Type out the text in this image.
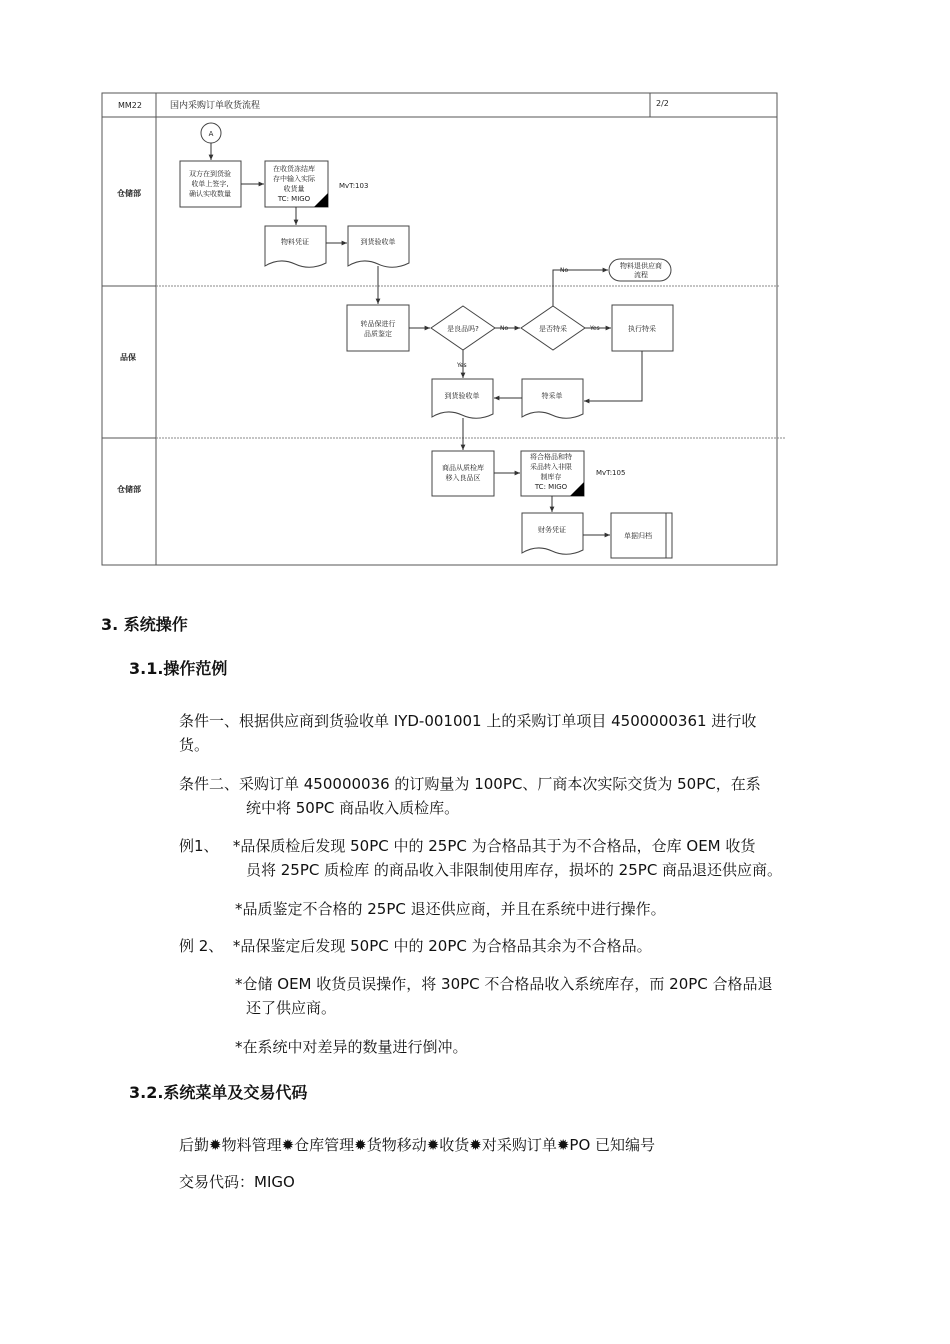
MM22	国内采购订单收货流程	2/2
仓储部
品保
仓储部
A
双方在到货验
收单上签字,
确认实收数量
在收货冻结库
存中输入实际
收货量
TC: MIGO
物料凭证	到货验收单
物料退供应商
流程
转品保进行
品质鉴定
是良品吗?	是否特采	执行特采
到货验收单	特采单
商品从质检库
移入良品区
将合格品和特
采品转入非限
制库存
TC: MIGO
财务凭证
单据归档
No	Yes
No
Yes
MvT:103
MvT:105
3. 系统操作
3.1.操作范例
条件一、根据供应商到货验收单 IYD-001001 上的采购订单项目 4500000361 进行收
货。
条件二、采购订单 450000036 的订购量为 100PC、厂商本次实际交货为 50PC，在系
统中将 50PC 商品收入质检库。
例1、   *品保质检后发现 50PC 中的 25PC 为合格品其于为不合格品，仓库 OEM 收货
员将 25PC 质检库 的商品收入非限制使用库存，损坏的 25PC 商品退还供应商。
*品质鉴定不合格的 25PC 退还供应商，并且在系统中进行操作。
例 2、  *品保鉴定后发现 50PC 中的 20PC 为合格品其余为不合格品。
*仓储 OEM 收货员误操作，将 30PC 不合格品收入系统库存，而 20PC 合格品退
还了供应商。
*在系统中对差异的数量进行倒冲。
3.2.系统菜单及交易代码
后勤✹物料管理✹仓库管理✹货物移动✹收货✹对采购订单✹PO 已知编号
交易代码：MIGO
